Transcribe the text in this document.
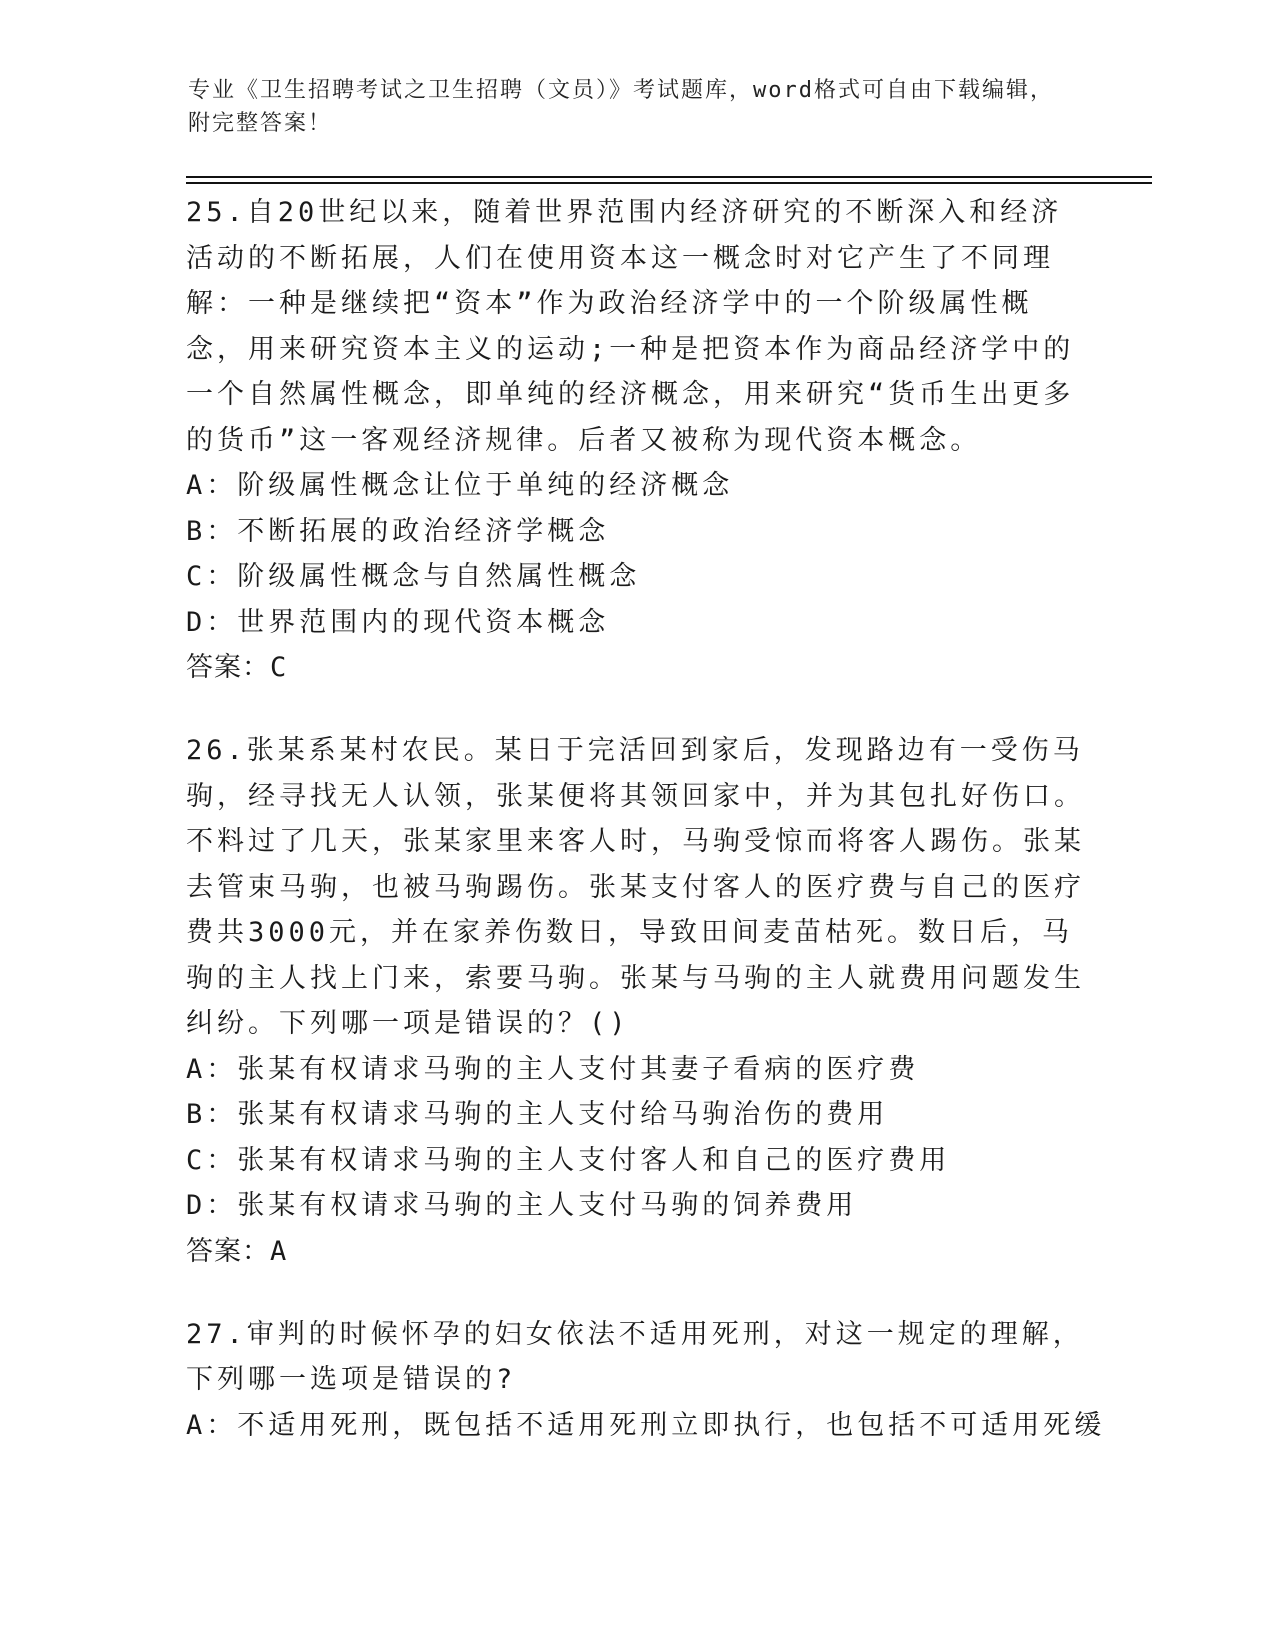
专业《卫生招聘考试之卫生招聘（文员）》考试题库，word格式可自由下载编辑，附完整答案！

25.自20世纪以来，随着世界范围内经济研究的不断深入和经济活动的不断拓展，人们在使用资本这一概念时对它产生了不同理解：一种是继续把“资本”作为政治经济学中的一个阶级属性概念，用来研究资本主义的运动;一种是把资本作为商品经济学中的一个自然属性概念，即单纯的经济概念，用来研究“货币生出更多的货币”这一客观经济规律。后者又被称为现代资本概念。

A：阶级属性概念让位于单纯的经济概念

B：不断拓展的政治经济学概念

C：阶级属性概念与自然属性概念

D：世界范围内的现代资本概念

答案：C

26.张某系某村农民。某日于完活回到家后，发现路边有一受伤马驹，经寻找无人认领，张某便将其领回家中，并为其包扎好伤口。不料过了几天，张某家里来客人时，马驹受惊而将客人踢伤。张某去管束马驹，也被马驹踢伤。张某支付客人的医疗费与自己的医疗费共3000元，并在家养伤数日，导致田间麦苗枯死。数日后，马驹的主人找上门来，索要马驹。张某与马驹的主人就费用问题发生纠纷。下列哪一项是错误的？()

A：张某有权请求马驹的主人支付其妻子看病的医疗费

B：张某有权请求马驹的主人支付给马驹治伤的费用

C：张某有权请求马驹的主人支付客人和自己的医疗费用

D：张某有权请求马驹的主人支付马驹的饲养费用

答案：A

27.审判的时候怀孕的妇女依法不适用死刑，对这一规定的理解，下列哪一选项是错误的?

A：不适用死刑，既包括不适用死刑立即执行，也包括不可适用死缓
